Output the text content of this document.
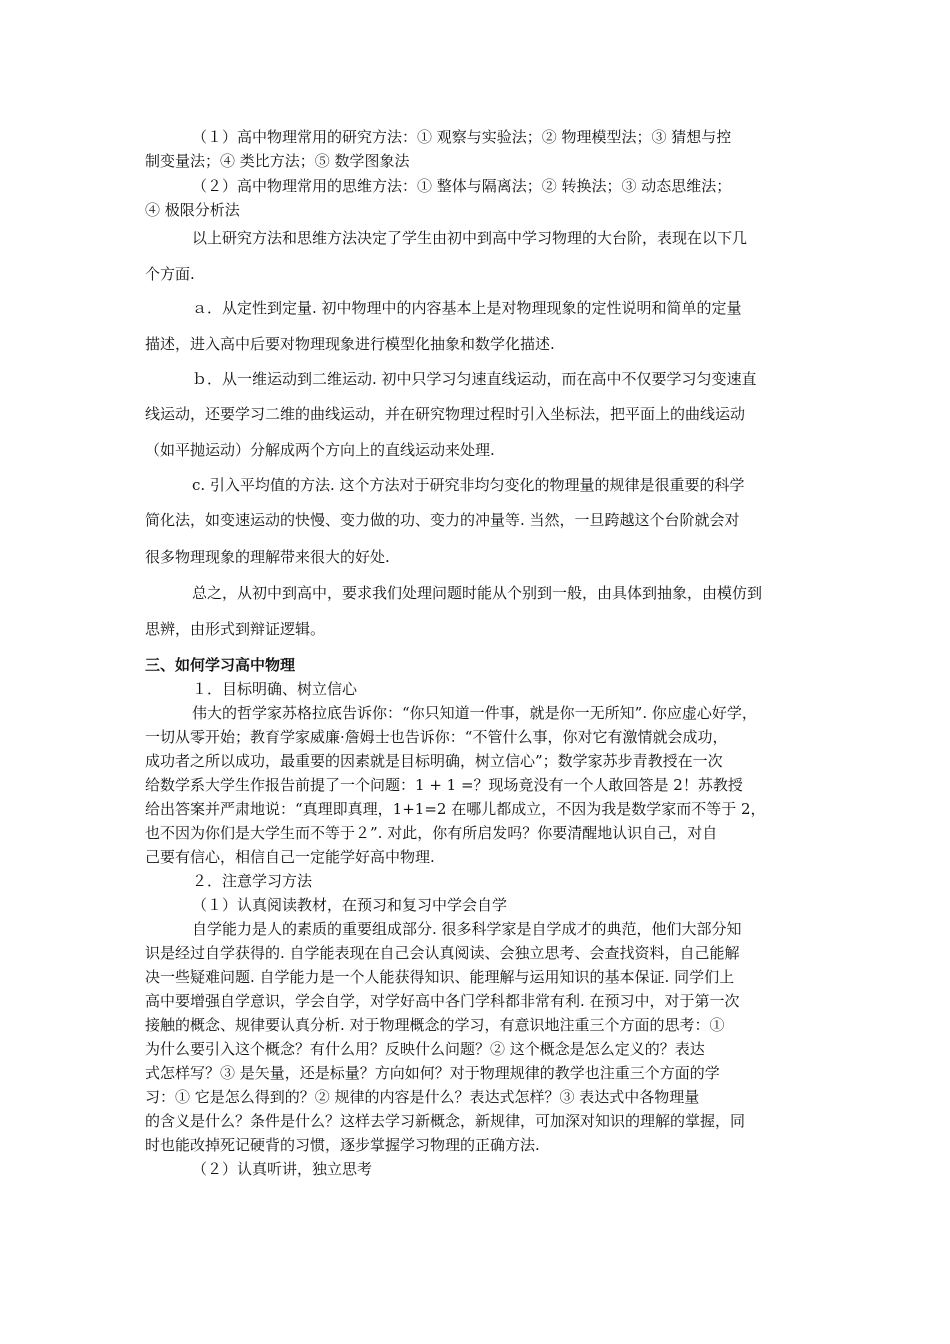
（１）高中物理常用的研究方法：① 观察与实验法；② 物理模型法；③ 猜想与控
制变量法；④ 类比方法；⑤ 数学图象法
（２）高中物理常用的思维方法：① 整体与隔离法；② 转换法；③ 动态思维法；
④ 极限分析法
以上研究方法和思维方法决定了学生由初中到高中学习物理的大台阶，表现在以下几
个方面.
ａ．从定性到定量. 初中物理中的内容基本上是对物理现象的定性说明和简单的定量
描述，进入高中后要对物理现象进行模型化抽象和数学化描述.
ｂ．从一维运动到二维运动. 初中只学习匀速直线运动，而在高中不仅要学习匀变速直
线运动，还要学习二维的曲线运动，并在研究物理过程时引入坐标法，把平面上的曲线运动
（如平抛运动）分解成两个方向上的直线运动来处理.
c. 引入平均值的方法. 这个方法对于研究非均匀变化的物理量的规律是很重要的科学
简化法，如变速运动的快慢、变力做的功、变力的冲量等. 当然，一旦跨越这个台阶就会对
很多物理现象的理解带来很大的好处.
总之，从初中到高中，要求我们处理问题时能从个别到一般，由具体到抽象，由模仿到
思辨，由形式到辩证逻辑。
三、如何学习高中物理
１．目标明确、树立信心
伟大的哲学家苏格拉底告诉你：“你只知道一件事，就是你一无所知”. 你应虚心好学，
一切从零开始；教育学家威廉·詹姆士也告诉你：“不管什么事，你对它有激情就会成功，
成功者之所以成功，最重要的因素就是目标明确，树立信心”；数学家苏步青教授在一次
给数学系大学生作报告前提了一个问题：1 + 1 =？现场竟没有一个人敢回答是 2！苏教授
给出答案并严肃地说：“真理即真理，1+1=2 在哪儿都成立，不因为我是数学家而不等于 2，
也不因为你们是大学生而不等于２”. 对此，你有所启发吗？你要清醒地认识自己，对自
己要有信心，相信自己一定能学好高中物理.
２．注意学习方法
（１）认真阅读教材，在预习和复习中学会自学
自学能力是人的素质的重要组成部分. 很多科学家是自学成才的典范，他们大部分知
识是经过自学获得的. 自学能表现在自己会认真阅读、会独立思考、会查找资料，自己能解
决一些疑难问题. 自学能力是一个人能获得知识、能理解与运用知识的基本保证. 同学们上
高中要增强自学意识，学会自学，对学好高中各门学科都非常有利. 在预习中，对于第一次
接触的概念、规律要认真分析. 对于物理概念的学习，有意识地注重三个方面的思考：①
为什么要引入这个概念？有什么用？反映什么问题？② 这个概念是怎么定义的？表达
式怎样写？③ 是矢量，还是标量？方向如何？对于物理规律的教学也注重三个方面的学
习：① 它是怎么得到的？② 规律的内容是什么？表达式怎样？③ 表达式中各物理量
的含义是什么？条件是什么？这样去学习新概念，新规律，可加深对知识的理解的掌握，同
时也能改掉死记硬背的习惯，逐步掌握学习物理的正确方法.
（２）认真听讲，独立思考
